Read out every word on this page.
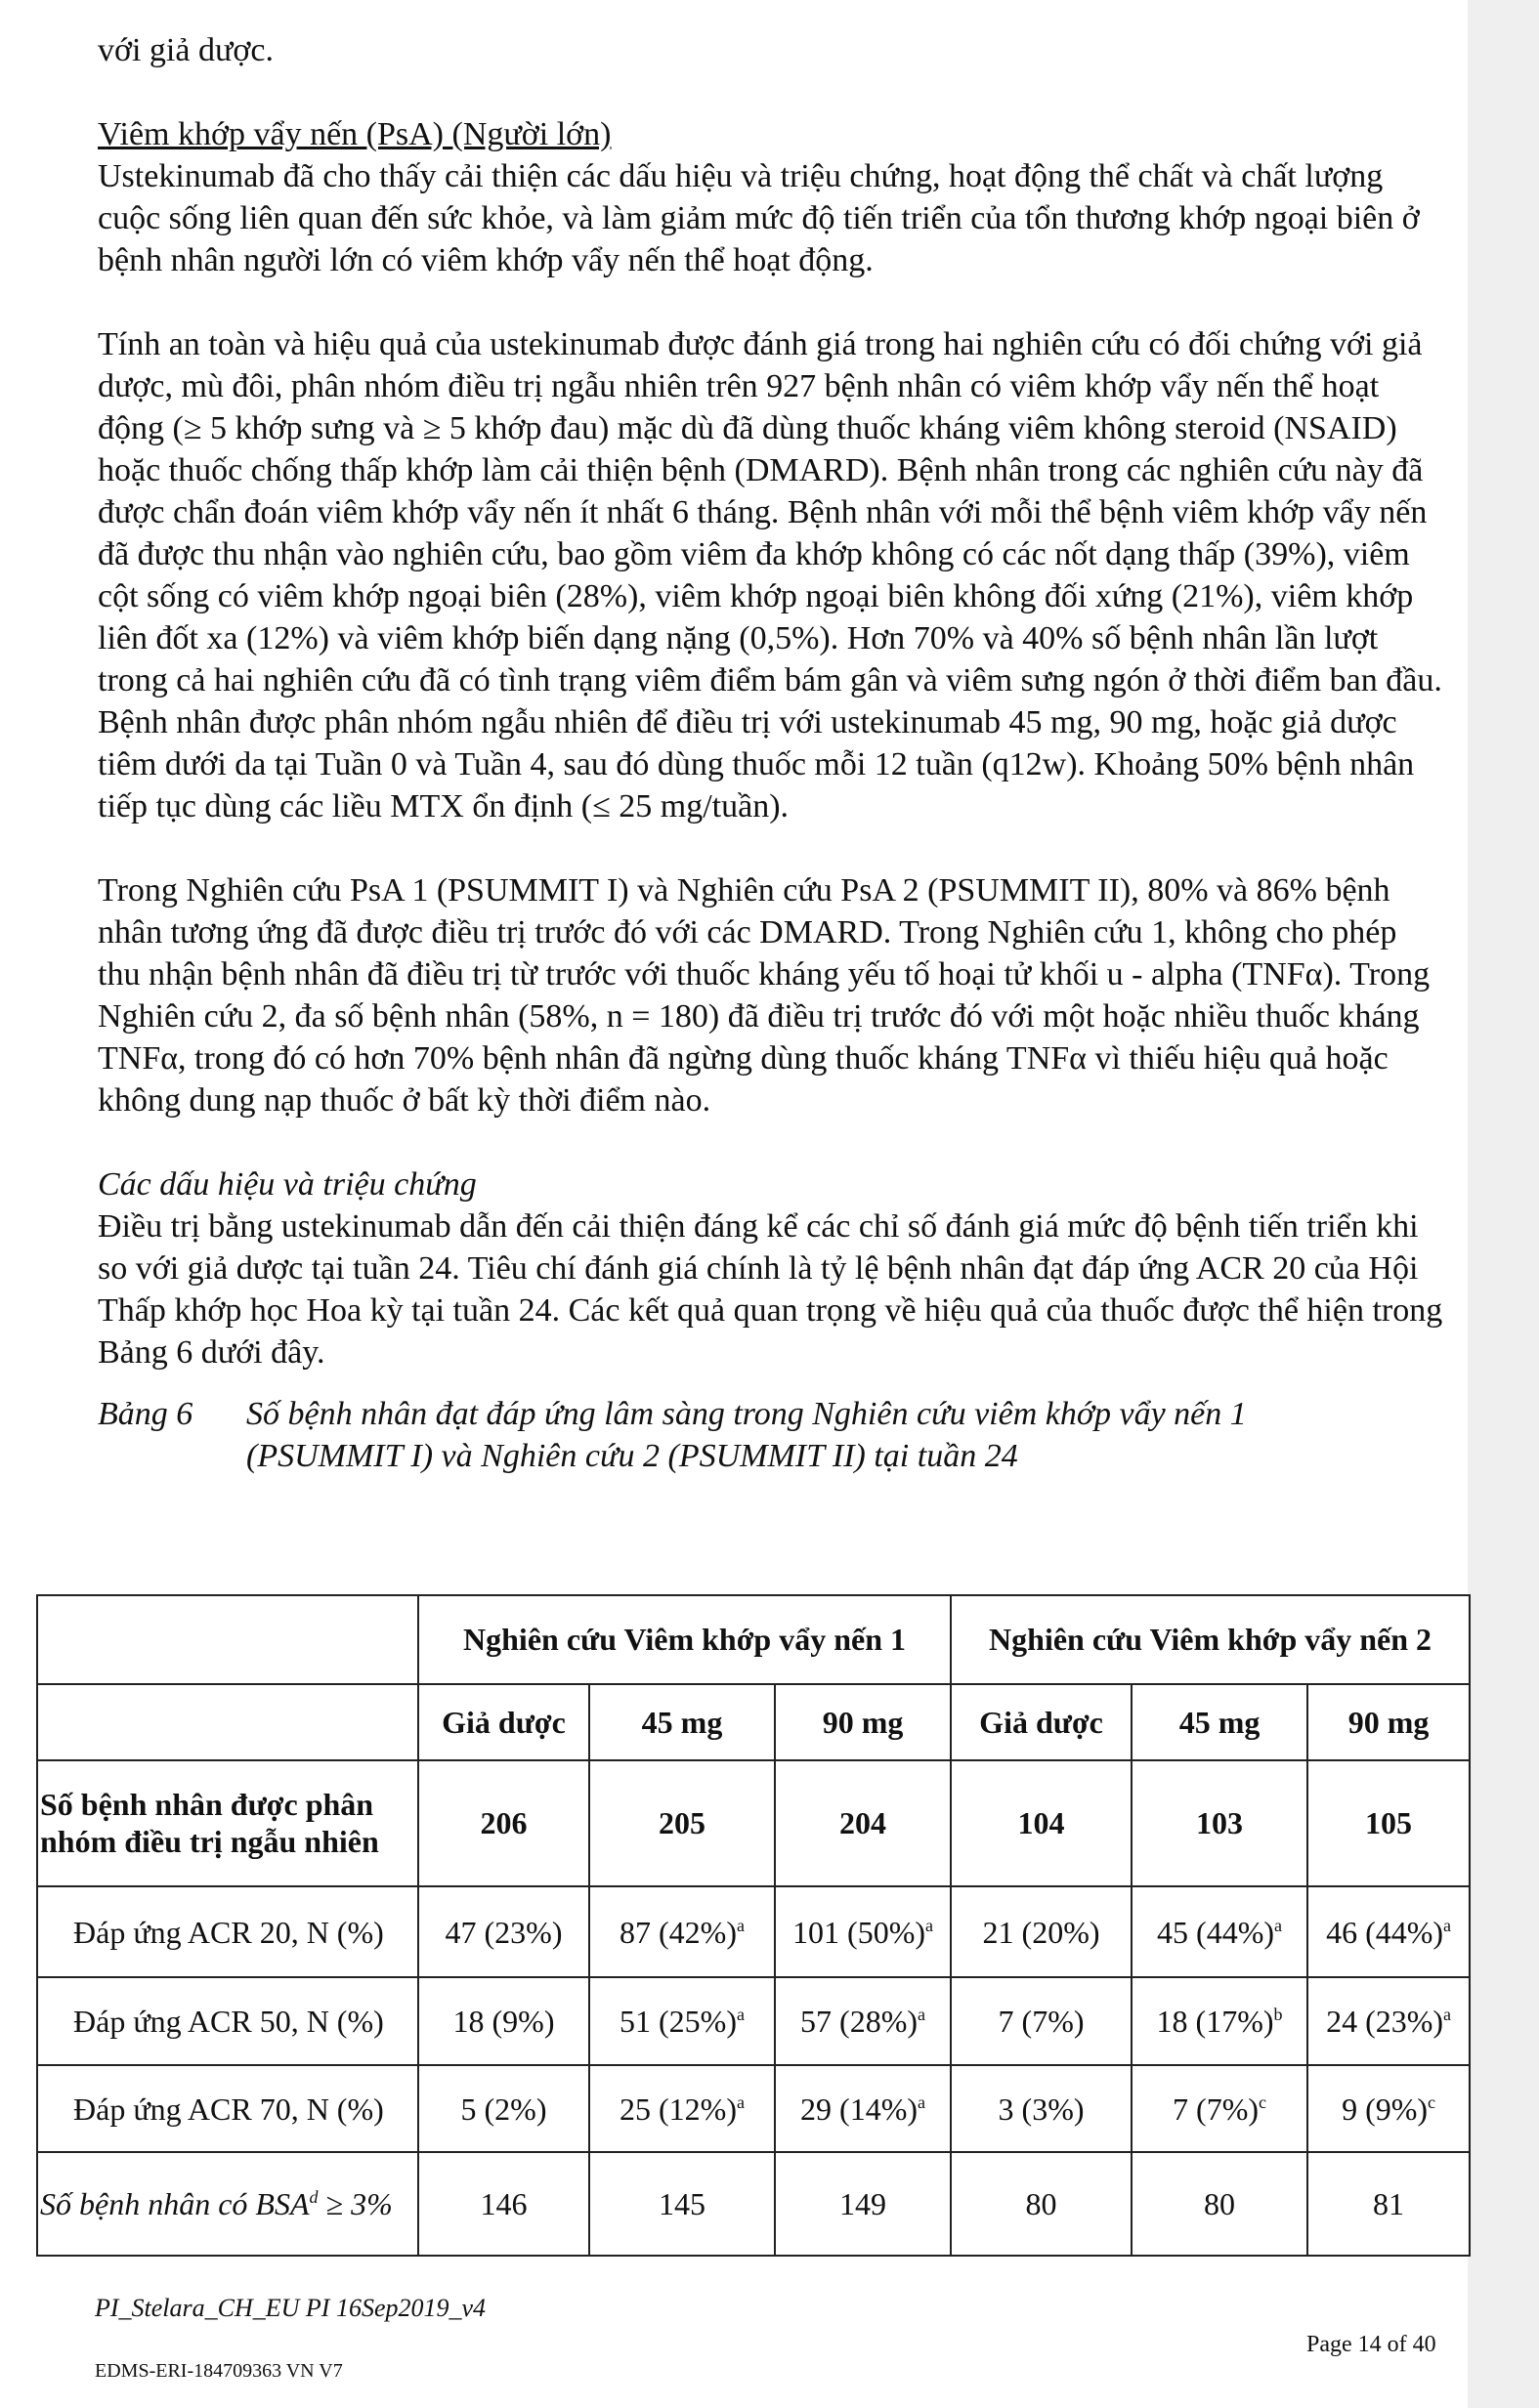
với giả dược.

Viêm khớp vẩy nến (PsA) (Người lớn)

Ustekinumab đã cho thấy cải thiện các dấu hiệu và triệu chứng, hoạt động thể chất và chất lượng cuộc sống liên quan đến sức khỏe, và làm giảm mức độ tiến triển của tổn thương khớp ngoại biên ở bệnh nhân người lớn có viêm khớp vẩy nến thể hoạt động.

Tính an toàn và hiệu quả của ustekinumab được đánh giá trong hai nghiên cứu có đối chứng với giả dược, mù đôi, phân nhóm điều trị ngẫu nhiên trên 927 bệnh nhân có viêm khớp vẩy nến thể hoạt động (≥ 5 khớp sưng và ≥ 5 khớp đau) mặc dù đã dùng thuốc kháng viêm không steroid (NSAID) hoặc thuốc chống thấp khớp làm cải thiện bệnh (DMARD). Bệnh nhân trong các nghiên cứu này đã được chẩn đoán viêm khớp vẩy nến ít nhất 6 tháng. Bệnh nhân với mỗi thể bệnh viêm khớp vẩy nến đã được thu nhận vào nghiên cứu, bao gồm viêm đa khớp không có các nốt dạng thấp (39%), viêm cột sống có viêm khớp ngoại biên (28%), viêm khớp ngoại biên không đối xứng (21%), viêm khớp liên đốt xa (12%) và viêm khớp biến dạng nặng (0,5%). Hơn 70% và 40% số bệnh nhân lần lượt trong cả hai nghiên cứu đã có tình trạng viêm điểm bám gân và viêm sưng ngón ở thời điểm ban đầu. Bệnh nhân được phân nhóm ngẫu nhiên để điều trị với ustekinumab 45 mg, 90 mg, hoặc giả dược tiêm dưới da tại Tuần 0 và Tuần 4, sau đó dùng thuốc mỗi 12 tuần (q12w). Khoảng 50% bệnh nhân tiếp tục dùng các liều MTX ổn định (≤ 25 mg/tuần).

Trong Nghiên cứu PsA 1 (PSUMMIT I) và Nghiên cứu PsA 2 (PSUMMIT II), 80% và 86% bệnh nhân tương ứng đã được điều trị trước đó với các DMARD. Trong Nghiên cứu 1, không cho phép thu nhận bệnh nhân đã điều trị từ trước với thuốc kháng yếu tố hoại tử khối u - alpha (TNFα). Trong Nghiên cứu 2, đa số bệnh nhân (58%, n = 180) đã điều trị trước đó với một hoặc nhiều thuốc kháng TNFα, trong đó có hơn 70% bệnh nhân đã ngừng dùng thuốc kháng TNFα vì thiếu hiệu quả hoặc không dung nạp thuốc ở bất kỳ thời điểm nào.

Các dấu hiệu và triệu chứng

Điều trị bằng ustekinumab dẫn đến cải thiện đáng kể các chỉ số đánh giá mức độ bệnh tiến triển khi so với giả dược tại tuần 24. Tiêu chí đánh giá chính là tỷ lệ bệnh nhân đạt đáp ứng ACR 20 của Hội Thấp khớp học Hoa kỳ tại tuần 24. Các kết quả quan trọng về hiệu quả của thuốc được thể hiện trong Bảng 6 dưới đây.

Bảng 6	Số bệnh nhân đạt đáp ứng lâm sàng trong Nghiên cứu viêm khớp vẩy nến 1 (PSUMMIT I) và Nghiên cứu 2 (PSUMMIT II) tại tuần 24
	Nghiên cứu Viêm khớp vẩy nến 1			Nghiên cứu Viêm khớp vẩy nến 2		
	Giả dược	45 mg	90 mg	Giả dược	45 mg	90 mg
Số bệnh nhân được phân nhóm điều trị ngẫu nhiên	206	205	204	104	103	105
Đáp ứng ACR 20, N (%)	47 (23%)	87 $(42\%)^a$	101 $(50\%)^a$	21 (20%)	45 $(44\%)^a$	46 $(44\%)^a$
Đáp ứng ACR 50, N (%)	18 (9%)	51 $(25\%)^a$	57 $(28\%)^a$	7 (7%)	18 $(17\%)^b$	24 $(23\%)^a$
Đáp ứng ACR 70, N (%)	5 (2%)	25 $(12\%)^a$	29 $(14\%)^a$	3 (3%)	7 $(7\%)^c$	9 $(9\%)^c$
Số bệnh nhân có $BSA^d \ge 3\%$	146	145	149	80	80	81
PI_Stelara_CH_EU PI 16Sep2019_v4
EDMS-ERI-184709363 VN V7
Page 14 of 40
